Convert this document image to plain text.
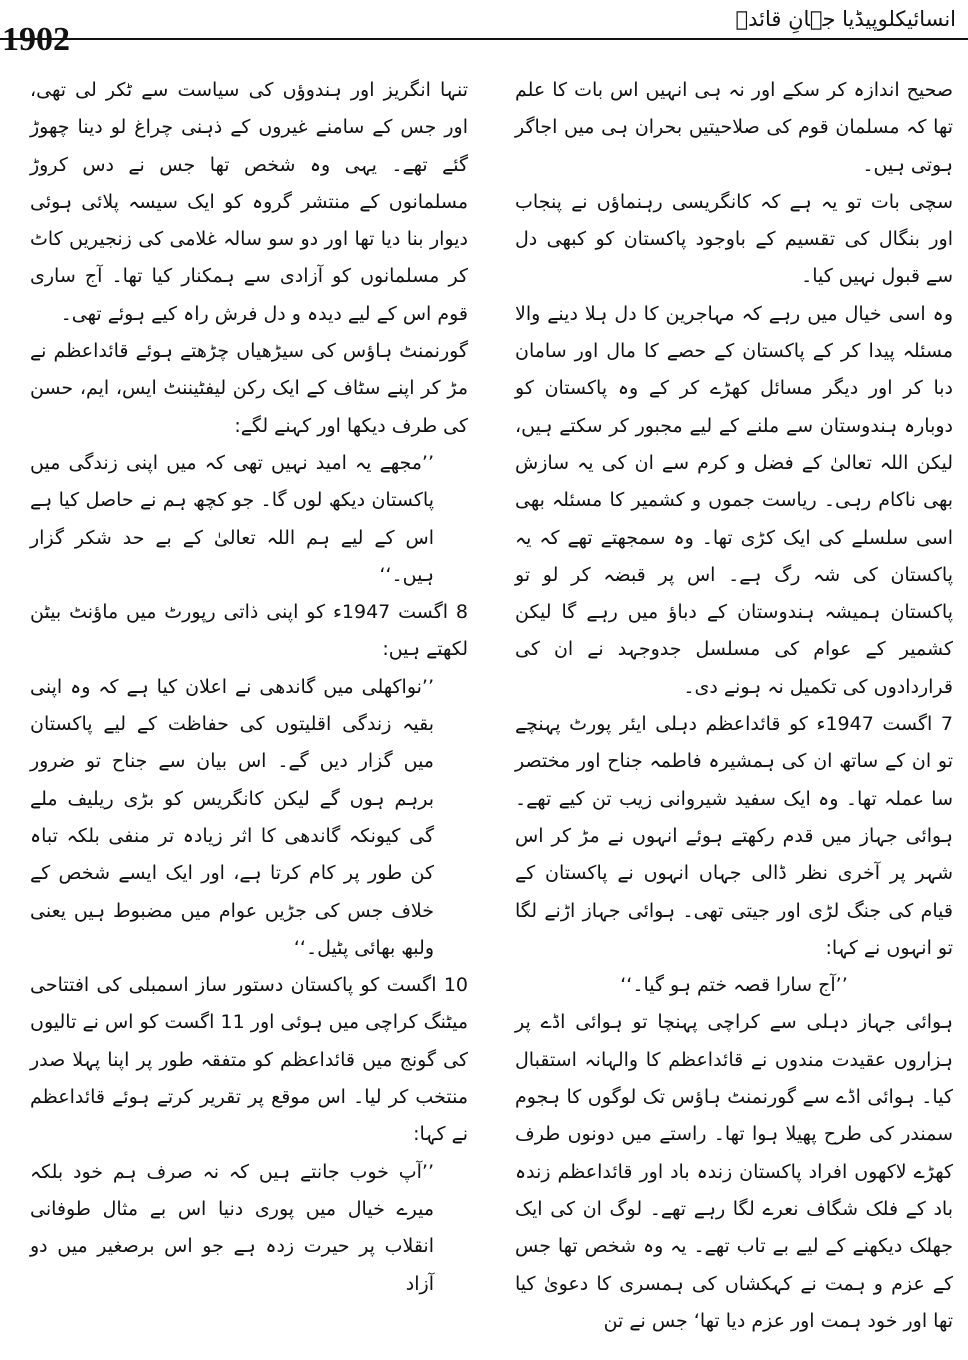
1902
انسائیکلوپیڈیا جہانِ قائدؒ

صحیح اندازہ کر سکے اور نہ ہی انہیں اس بات کا علم تھا کہ مسلمان قوم کی صلاحیتیں بحران ہی میں اجاگر ہوتی ہیں۔

سچی بات تو یہ ہے کہ کانگریسی رہنماؤں نے پنجاب اور بنگال کی تقسیم کے باوجود پاکستان کو کبھی دل سے قبول نہیں کیا۔

وہ اسی خیال میں رہے کہ مہاجرین کا دل ہلا دینے والا مسئلہ پیدا کر کے پاکستان کے حصے کا مال اور سامان دبا کر اور دیگر مسائل کھڑے کر کے وہ پاکستان کو دوبارہ ہندوستان سے ملنے کے لیے مجبور کر سکتے ہیں، لیکن اللہ تعالیٰ کے فضل و کرم سے ان کی یہ سازش بھی ناکام رہی۔ ریاست جموں و کشمیر کا مسئلہ بھی اسی سلسلے کی ایک کڑی تھا۔ وہ سمجھتے تھے کہ یہ پاکستان کی شہ رگ ہے۔ اس پر قبضہ کر لو تو پاکستان ہمیشہ ہندوستان کے دباؤ میں رہے گا لیکن کشمیر کے عوام کی مسلسل جدوجہد نے ان کی قراردادوں کی تکمیل نہ ہونے دی۔

7 اگست 1947ء کو قائداعظم دہلی ایئر پورٹ پہنچے تو ان کے ساتھ ان کی ہمشیرہ فاطمہ جناح اور مختصر سا عملہ تھا۔ وہ ایک سفید شیروانی زیب تن کیے تھے۔ ہوائی جہاز میں قدم رکھتے ہوئے انہوں نے مڑ کر اس شہر پر آخری نظر ڈالی جہاں انہوں نے پاکستان کے قیام کی جنگ لڑی اور جیتی تھی۔ ہوائی جہاز اڑنے لگا تو انہوں نے کہا:

’’آج سارا قصہ ختم ہو گیا۔‘‘

ہوائی جہاز دہلی سے کراچی پہنچا تو ہوائی اڈے پر ہزاروں عقیدت مندوں نے قائداعظم کا والہانہ استقبال کیا۔ ہوائی اڈے سے گورنمنٹ ہاؤس تک لوگوں کا ہجوم سمندر کی طرح پھیلا ہوا تھا۔ راستے میں دونوں طرف کھڑے لاکھوں افراد پاکستان زندہ باد اور قائداعظم زندہ باد کے فلک شگاف نعرے لگا رہے تھے۔ لوگ ان کی ایک جھلک دیکھنے کے لیے بے تاب تھے۔ یہ وہ شخص تھا جس کے عزم و ہمت نے کہکشاں کی ہمسری کا دعویٰ کیا تھا اور خود ہمت اور عزم دیا تھا‘ جس نے تن

تنہا انگریز اور ہندوؤں کی سیاست سے ٹکر لی تھی، اور جس کے سامنے غیروں کے ذہنی چراغ لو دینا چھوڑ گئے تھے۔ یہی وہ شخص تھا جس نے دس کروڑ مسلمانوں کے منتشر گروہ کو ایک سیسہ پلائی ہوئی دیوار بنا دیا تھا اور دو سو سالہ غلامی کی زنجیریں کاٹ کر مسلمانوں کو آزادی سے ہمکنار کیا تھا۔ آج ساری قوم اس کے لیے دیدہ و دل فرش راہ کیے ہوئے تھی۔

گورنمنٹ ہاؤس کی سیڑھیاں چڑھتے ہوئے قائداعظم نے مڑ کر اپنے سٹاف کے ایک رکن لیفٹیننٹ ایس، ایم، حسن کی طرف دیکھا اور کہنے لگے:

’’مجھے یہ امید نہیں تھی کہ میں اپنی زندگی میں پاکستان دیکھ لوں گا۔ جو کچھ ہم نے حاصل کیا ہے اس کے لیے ہم اللہ تعالیٰ کے بے حد شکر گزار ہیں۔‘‘

8 اگست 1947ء کو اپنی ذاتی رپورٹ میں ماؤنٹ بیٹن لکھتے ہیں:

’’نواکھلی میں گاندھی نے اعلان کیا ہے کہ وہ اپنی بقیہ زندگی اقلیتوں کی حفاظت کے لیے پاکستان میں گزار دیں گے۔ اس بیان سے جناح تو ضرور برہم ہوں گے لیکن کانگریس کو بڑی ریلیف ملے گی کیونکہ گاندھی کا اثر زیادہ تر منفی بلکہ تباہ کن طور پر کام کرتا ہے، اور ایک ایسے شخص کے خلاف جس کی جڑیں عوام میں مضبوط ہیں یعنی ولبھ بھائی پٹیل۔‘‘

10 اگست کو پاکستان دستور ساز اسمبلی کی افتتاحی میٹنگ کراچی میں ہوئی اور 11 اگست کو اس نے تالیوں کی گونج میں قائداعظم کو متفقہ طور پر اپنا پہلا صدر منتخب کر لیا۔ اس موقع پر تقریر کرتے ہوئے قائداعظم نے کہا:

’’آپ خوب جانتے ہیں کہ نہ صرف ہم خود بلکہ میرے خیال میں پوری دنیا اس بے مثال طوفانی انقلاب پر حیرت زدہ ہے جو اس برصغیر میں دو آزاد
